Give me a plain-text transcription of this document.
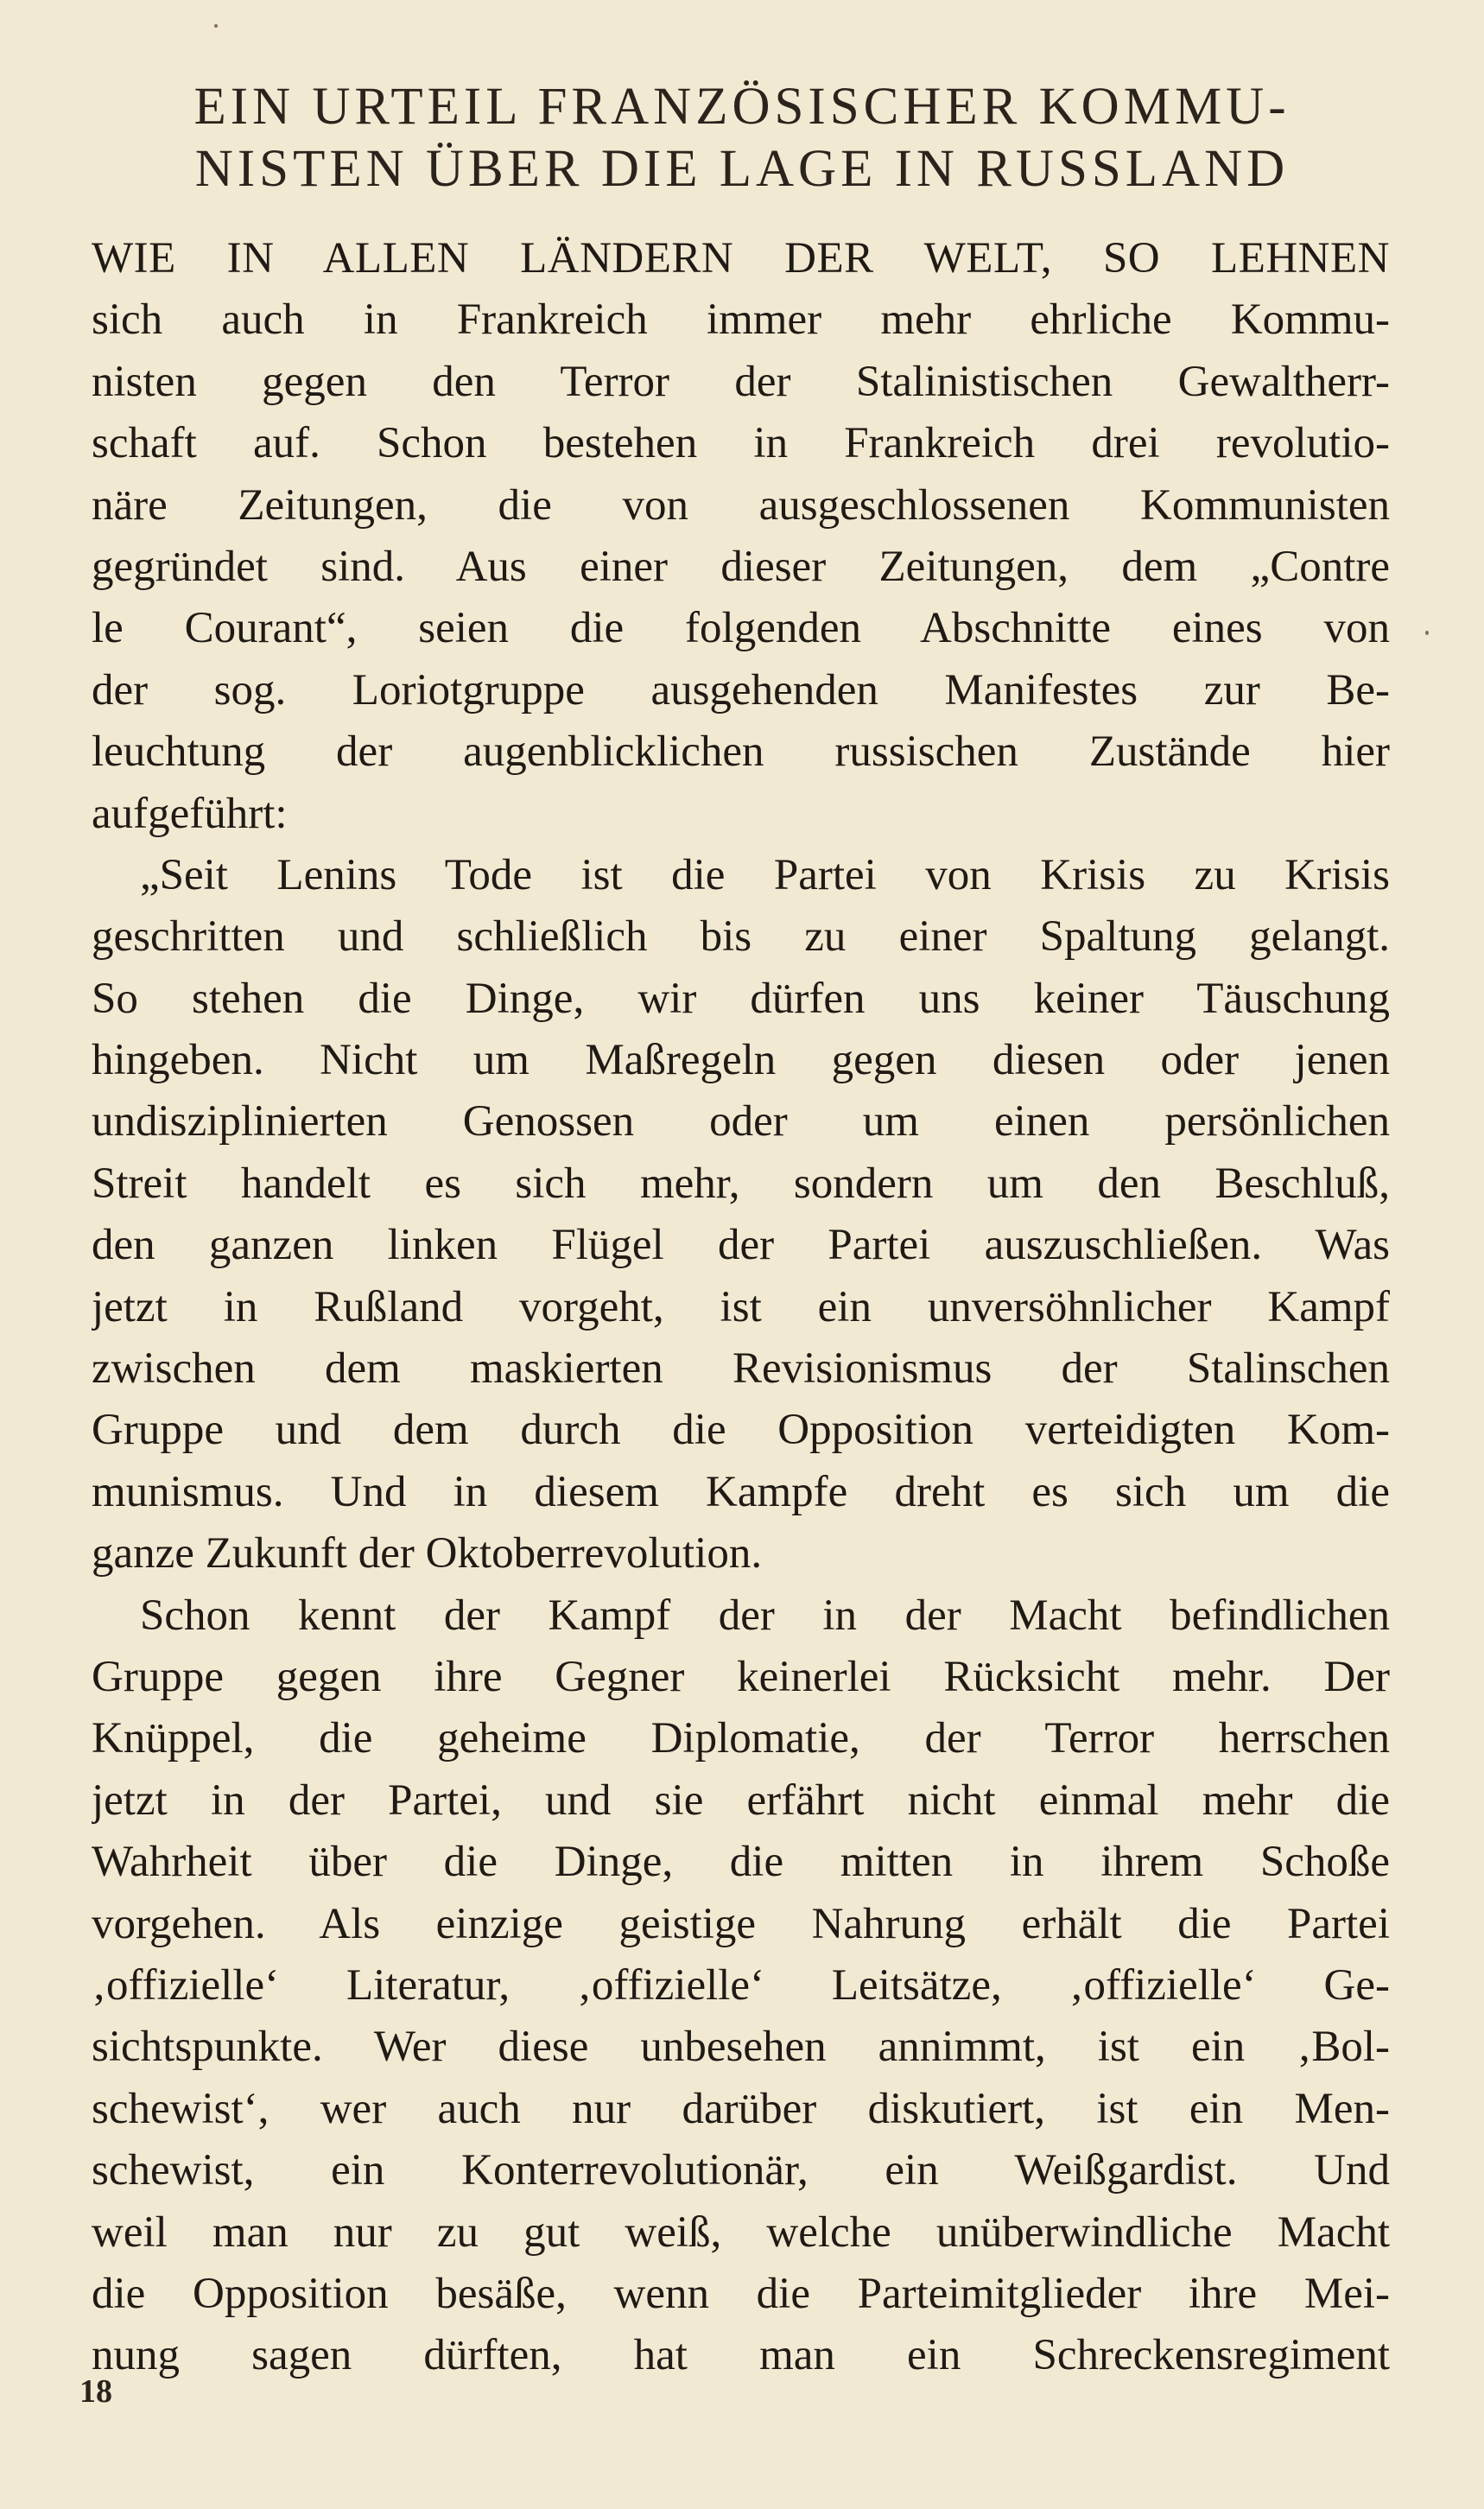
EIN URTEIL FRANZÖSISCHER KOMMU-
NISTEN ÜBER DIE LAGE IN RUSSLAND
WIE IN ALLEN LÄNDERN DER WELT, SO LEHNEN
sich auch in Frankreich immer mehr ehrliche Kommu-
nisten gegen den Terror der Stalinistischen Gewaltherr-
schaft auf. Schon bestehen in Frankreich drei revolutio-
näre Zeitungen, die von ausgeschlossenen Kommunisten
gegründet sind. Aus einer dieser Zeitungen, dem „Contre
le Courant“, seien die folgenden Abschnitte eines von
der sog. Loriotgruppe ausgehenden Manifestes zur Be-
leuchtung der augenblicklichen russischen Zustände hier
aufgeführt:
„Seit Lenins Tode ist die Partei von Krisis zu Krisis
geschritten und schließlich bis zu einer Spaltung gelangt.
So stehen die Dinge, wir dürfen uns keiner Täuschung
hingeben. Nicht um Maßregeln gegen diesen oder jenen
undisziplinierten Genossen oder um einen persönlichen
Streit handelt es sich mehr, sondern um den Beschluß,
den ganzen linken Flügel der Partei auszuschließen. Was
jetzt in Rußland vorgeht, ist ein unversöhnlicher Kampf
zwischen dem maskierten Revisionismus der Stalinschen
Gruppe und dem durch die Opposition verteidigten Kom-
munismus. Und in diesem Kampfe dreht es sich um die
ganze Zukunft der Oktoberrevolution.
Schon kennt der Kampf der in der Macht befindlichen
Gruppe gegen ihre Gegner keinerlei Rücksicht mehr. Der
Knüppel, die geheime Diplomatie, der Terror herrschen
jetzt in der Partei, und sie erfährt nicht einmal mehr die
Wahrheit über die Dinge, die mitten in ihrem Schoße
vorgehen. Als einzige geistige Nahrung erhält die Partei
‚offizielle‘ Literatur, ‚offizielle‘ Leitsätze, ‚offizielle‘ Ge-
sichtspunkte. Wer diese unbesehen annimmt, ist ein ‚Bol-
schewist‘, wer auch nur darüber diskutiert, ist ein Men-
schewist, ein Konterrevolutionär, ein Weißgardist. Und
weil man nur zu gut weiß, welche unüberwindliche Macht
die Opposition besäße, wenn die Parteimitglieder ihre Mei-
nung sagen dürften, hat man ein Schreckensregiment
18
